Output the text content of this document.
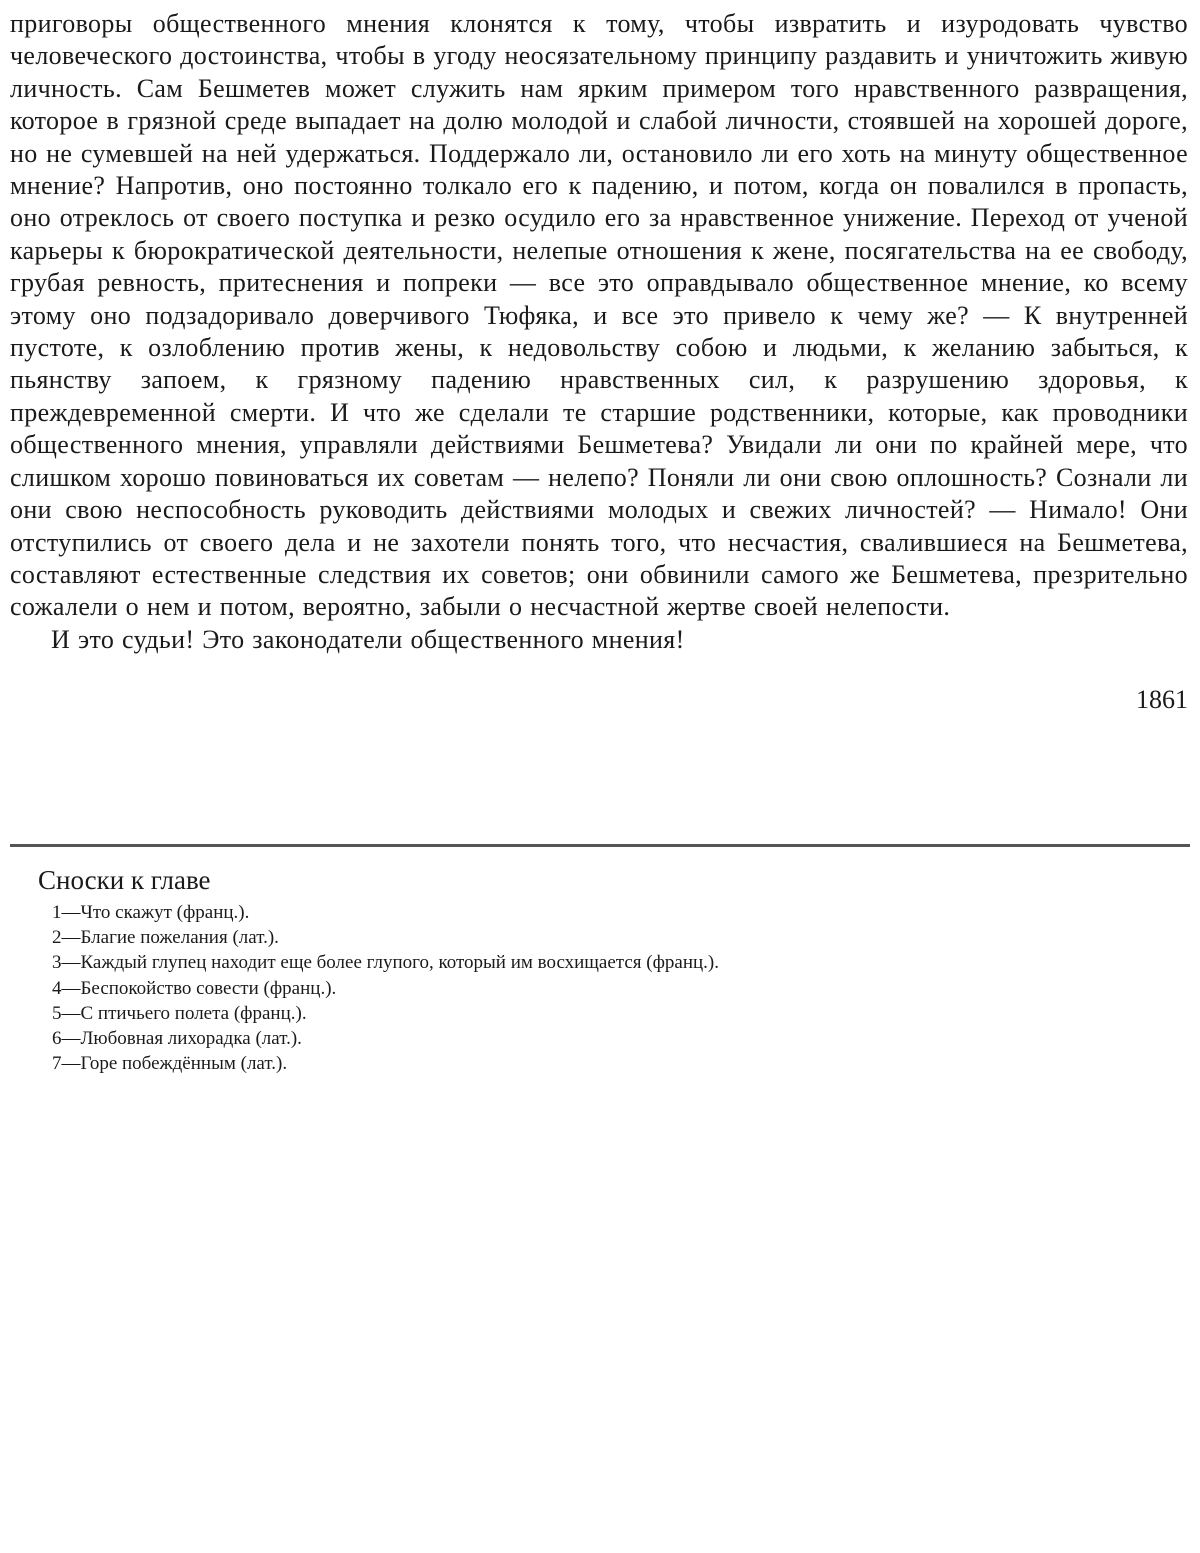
приговоры общественного мнения клонятся к тому, чтобы извратить и изуродовать чувство человеческого достоинства, чтобы в угоду неосязательному принципу раздавить и уничтожить живую личность. Сам Бешметев может служить нам ярким примером того нравственного развращения, которое в грязной среде выпадает на долю молодой и слабой личности, стоявшей на хорошей дороге, но не сумевшей на ней удержаться. Поддержало ли, остановило ли его хоть на минуту общественное мнение? Напротив, оно постоянно толкало его к падению, и потом, когда он повалился в пропасть, оно отреклось от своего поступка и резко осудило его за нравственное унижение. Переход от ученой карьеры к бюрократической деятельности, нелепые отношения к жене, посягательства на ее свободу, грубая ревность, притеснения и попреки — все это оправдывало общественное мнение, ко всему этому оно подзадоривало доверчивого Тюфяка, и все это привело к чему же? — К внутренней пустоте, к озлоблению против жены, к недовольству собою и людьми, к желанию забыться, к пьянству запоем, к грязному падению нравственных сил, к разрушению здоровья, к преждевременной смерти. И что же сделали те старшие родственники, которые, как проводники общественного мнения, управляли действиями Бешметева? Увидали ли они по крайней мере, что слишком хорошо повиноваться их советам — нелепо? Поняли ли они свою оплошность? Сознали ли они свою неспособность руководить действиями молодых и свежих личностей? — Нимало! Они отступились от своего дела и не захотели понять того, что несчастия, свалившиеся на Бешметева, составляют естественные следствия их советов; они обвинили самого же Бешметева, презрительно сожалели о нем и потом, вероятно, забыли о несчастной жертве своей нелепости.

И это судьи! Это законодатели общественного мнения!

1861
Сноски к главе
1—Что скажут (франц.).
2—Благие пожелания (лат.).
3—Каждый глупец находит еще более глупого, который им восхищается (франц.).
4—Беспокойство совести (франц.).
5—С птичьего полета (франц.).
6—Любовная лихорадка (лат.).
7—Горе побеждённым (лат.).
